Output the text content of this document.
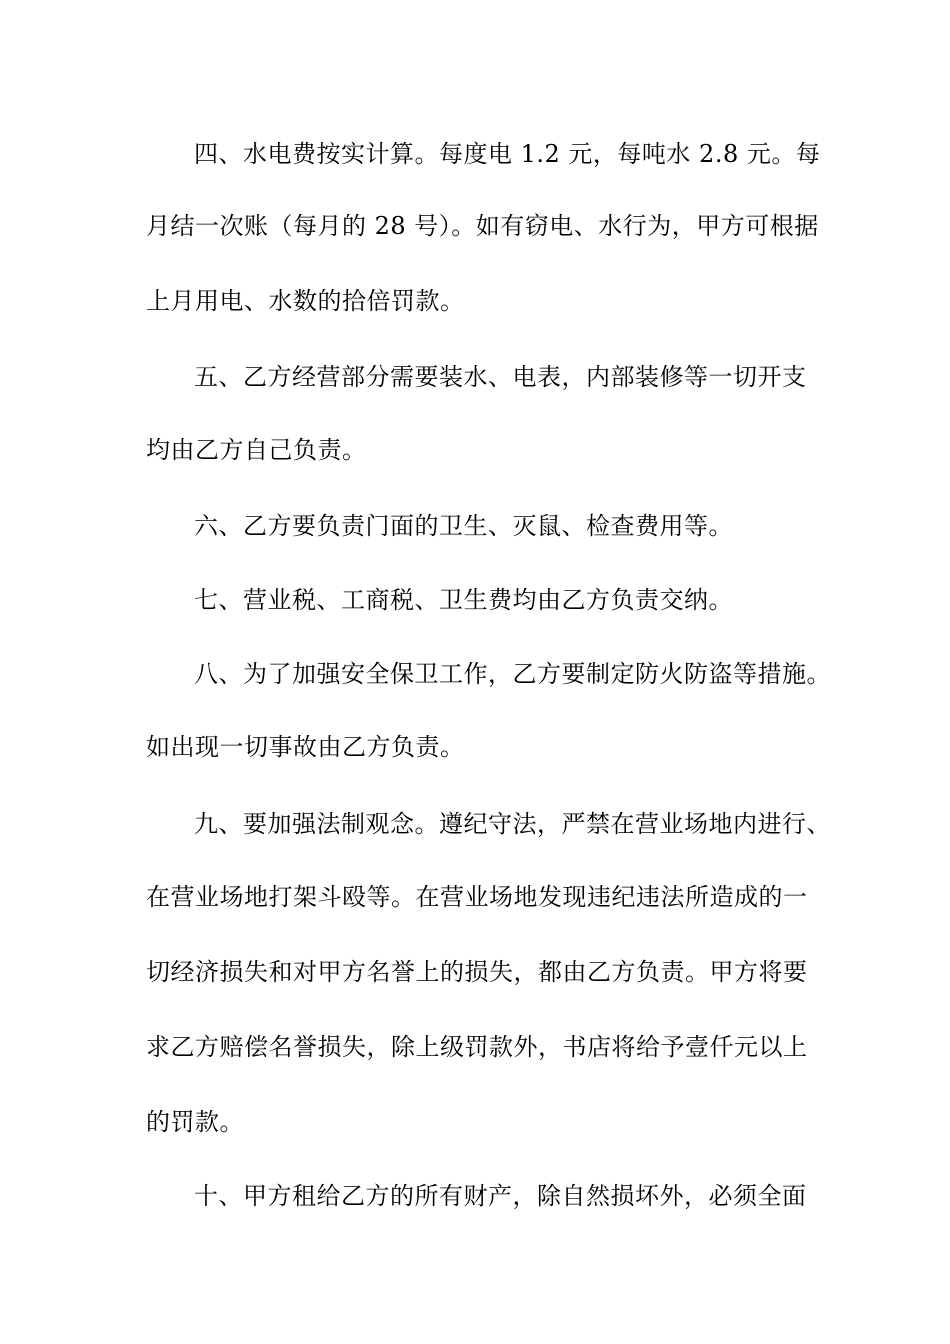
四、水电费按实计算。每度电 1.2 元，每吨水 2.8 元。每
月结一次账（每月的 28 号）。如有窃电、水行为，甲方可根据
上月用电、水数的拾倍罚款。
五、乙方经营部分需要装水、电表，内部装修等一切开支
均由乙方自己负责。
六、乙方要负责门面的卫生、灭鼠、检查费用等。
七、营业税、工商税、卫生费均由乙方负责交纳。
八、为了加强安全保卫工作，乙方要制定防火防盗等措施。
如出现一切事故由乙方负责。
九、要加强法制观念。遵纪守法，严禁在营业场地内进行、
在营业场地打架斗殴等。在营业场地发现违纪违法所造成的一
切经济损失和对甲方名誉上的损失，都由乙方负责。甲方将要
求乙方赔偿名誉损失，除上级罚款外，书店将给予壹仟元以上
的罚款。
十、甲方租给乙方的所有财产，除自然损坏外，必须全面
